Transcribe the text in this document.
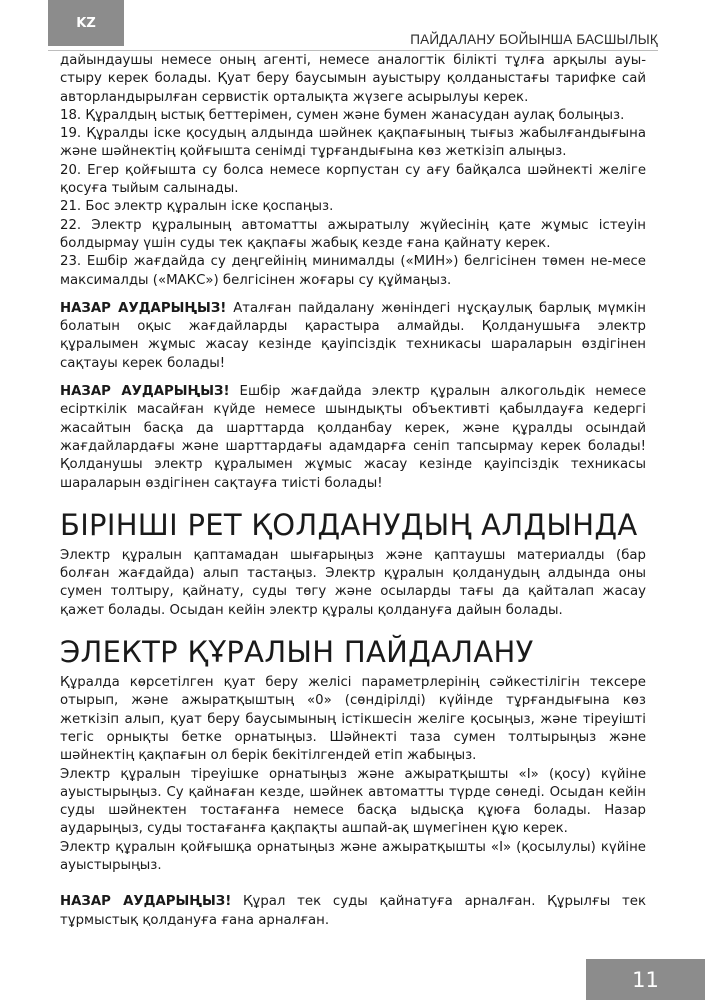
KZ
ПАЙДАЛАНУ БОЙЫНША БАСШЫЛЫҚ

дайындаушы немесе оның агенті, немесе аналогтік білікті тұлға арқылы ауы-стыру керек болады. Қуат беру баусымын ауыстыру қолданыстағы тарифке сай авторландырылған сервистік орталықта жүзеге асырылуы керек.

18. Құралдың ыстық беттерімен, сумен және бумен жанасудан аулақ болыңыз.

19. Құралды іске қосудың алдында шәйнек қақпағының тығыз жабылғандығына және шәйнектің қойғышта сенімді тұрғандығына көз жеткізіп алыңыз.

20. Егер қойғышта су болса немесе корпустан су ағу байқалса шәйнекті желіге қосуға тыйым салынады.

21. Бос электр құралын іске қоспаңыз.

22. Электр құралының автоматты ажыратылу жүйесінің қате жұмыс істеуін болдырмау үшін суды тек қақпағы жабық кезде ғана қайнату керек.

23. Ешбір жағдайда су деңгейінің минималды («МИН») белгісінен төмен не-месе максималды («МАКС») белгісінен жоғары су құймаңыз.

НАЗАР АУДАРЫҢЫЗ! Аталған пайдалану жөніндегі нұсқаулық барлық мүмкін болатын оқыс жағдайларды қарастыра алмайды. Қолданушыға электр құралымен жұмыс жасау кезінде қауіпсіздік техникасы шараларын өздігінен сақтауы керек болады!

НАЗАР АУДАРЫҢЫЗ! Ешбір жағдайда электр құралын алкогольдік немесе есірткілік масайған күйде немесе шындықты объективті қабылдауға кедергі жасайтын басқа да шарттарда қолданбау керек, және құралды осындай жағдайлардағы және шарттардағы адамдарға сеніп тапсырмау керек болады! Қолданушы электр құралымен жұмыс жасау кезінде қауіпсіздік техникасы шараларын өздігінен сақтауға тиісті болады!

БІРІНШІ РЕТ ҚОЛДАНУДЫҢ АЛДЫНДА

Электр құралын қаптамадан шығарыңыз және қаптаушы материалды (бар болған жағдайда) алып тастаңыз. Электр құралын қолданудың алдында оны сумен толтыру, қайнату, суды төгу және осыларды тағы да қайталап жасау қажет болады. Осыдан кейін электр құралы қолдануға дайын болады.

ЭЛЕКТР ҚҰРАЛЫН ПАЙДАЛАНУ

Құралда көрсетілген қуат беру желісі параметрлерінің сәйкестілігін тексере отырып, және ажыратқыштың «0» (сөндірілді) күйінде тұрғандығына көз жеткізіп алып, қуат беру баусымының істікшесін желіге қосыңыз, және тіреуішті тегіс орнықты бетке орнатыңыз. Шәйнекті таза сумен толтырыңыз және шәйнектің қақпағын ол берік бекітілгендей етіп жабыңыз.

Электр құралын тіреуішке орнатыңыз және ажыратқышты «I» (қосу) күйіне ауыстырыңыз. Су қайнаған кезде, шәйнек автоматты түрде сөнеді. Осыдан кейін суды шәйнектен тостағанға немесе басқа ыдысқа құюға болады. Назар аударыңыз, суды тостағанға қақпақты ашпай-ақ шүмегінен құю керек.

Электр құралын қойғышқа орнатыңыз және ажыратқышты «I» (қосылулы) күйіне ауыстырыңыз.

НАЗАР АУДАРЫҢЫЗ! Құрал тек суды қайнатуға арналған. Құрылғы тек тұрмыстық қолдануға ғана арналған.

11
